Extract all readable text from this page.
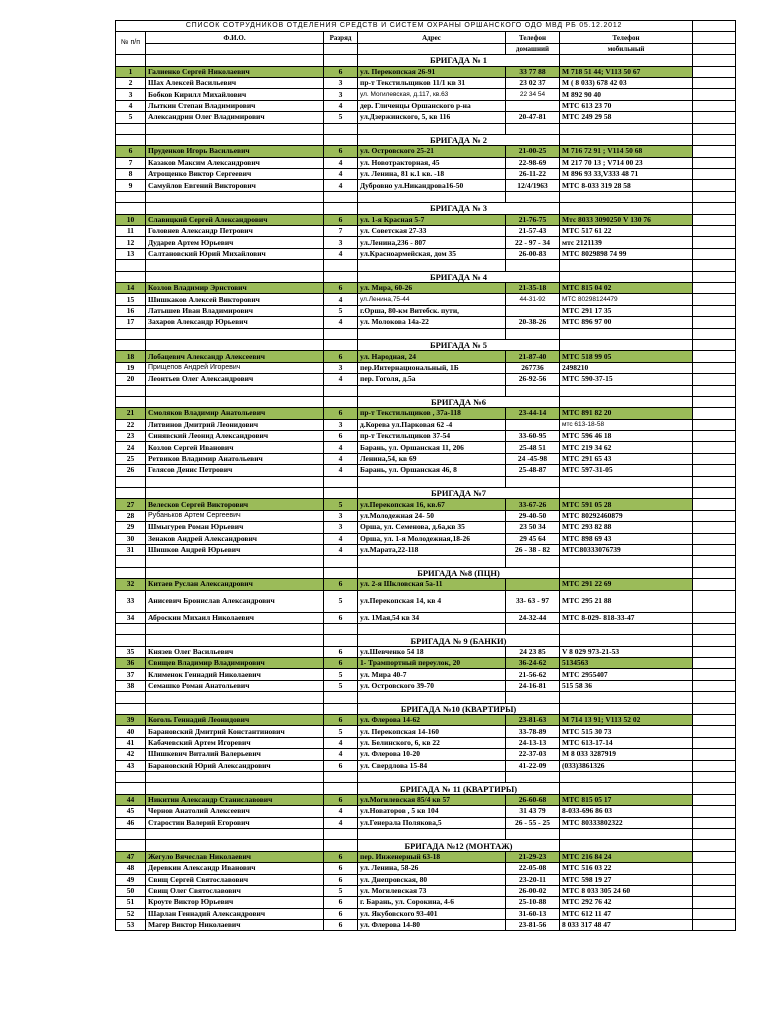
СПИСОК СОТРУДНИКОВ ОТДЕЛЕНИЯ СРЕДСТВ И СИСТЕМ ОХРАНЫ ОРШАНСКОГО ОДО МВД РБ 05.12.2012						
№ п/п	Ф.И.О.	Разряд	Адрес	Телефон	Телефон	
				домашний	мобильный	
			БРИГАДА № 1			
1	Галиенко Сергей Николаевич	6	ул. Перекопская 26-91	33 77 88	М 718 51 44; V113 50 67	
2	Шах Алексей Васильевич	3	пр-т Текстильщиков 11/1 кв 31	23 02 37	М ( 8 033) 678 42 03	
3	Бобков Кирилл Михайлович	3	ул. Могилевская, д.117, кв.63	22 34 54	М 892 90 40	
4	Лыткин Степан Владимирович	4	дер. Гличенцы Оршанского р-на		МТС 613 23 70	
5	Александрин Олег Владимирович	5	ул.Дзержинского, 5, кв 116	20-47-81	МТС 249 29 58	

			БРИГАДА № 2			
6	Пруденков Игорь Васильевич	6	ул. Островского 25-21	21-00-25	М 716 72 91 ; V114 50 68	
7	Казаков Максим Александрович	4	ул. Новотракторная, 45	22-98-69	М 217 70 13 ; V714 00 23	
8	Атрощенко Виктор Сергеевич	4	ул. Ленина, 81 к.1 кв. -18	26-11-22	М 896 93 33,V333 48 71	
9	Самуйлов Евгений Викторович	4	Дубровно ул.Никандрова16-50	12/4/1963	МТС 8-033 319 28 58	

			БРИГАДА № 3			
10	Славицкий Сергей Александрович	6	ул. 1-я Красная 5-7	21-76-75	Мтс 8033 3090250 V 130 76	
11	Головнев Александр Петрович	7	ул. Советская 27-33	21-57-43	МТС 517 61 22	
12	Дударев Артем Юрьевич	3	ул.Ленина,236 - 807	22 - 97 - 34	мтс 2121139	
13	Салтановский Юрий Михайлович	4	ул.Красноармейская, дом 35	26-00-83	МТС 8029898 74 99	

			БРИГАДА № 4			
14	Козлов Владимир Эрнстович	6	ул. Мира, 60-26	21-35-18	МТС 815 04 02	
15	Шишкаков Алексей Викторович	4	ул.Ленина,75-44	44-31-92	МТС 80298124479	
16	Латышев Иван Владимирович	5	г.Орша, 80-км Витебск. пути,		МТС 291 17 35	
17	Захаров Александр Юрьевич	4	ул. Молокова 14а-22	20-38-26	МТС 896 97 00	

			БРИГАДА № 5			
18	Лобацевич Александр Алексеевич	6	ул. Народная, 24	21-87-40	МТС 518 99 05	
19	Прищепов Андрей Игоревич	3	пер.Интернациональный, 1Б	267736	2498210	
20	Леонтьев Олег Александрович	4	пер. Гоголя, д.5а	26-92-56	МТС 590-37-15	

			БРИГАДА №6			
21	Смоляков Владимир Анатольевич	6	пр-т Текстильщиков , 37а-118	23-44-14	МТС 891 82 20	
22	Литвинов Дмитрий Леонидович	3	д.Корева ул.Парковая 62 -4		мтс 613-18-58	
23	Синявский Леонид Александрович	6	пр-т Текстильщиков 37-54	33-60-95	МТС 596 46 18	
24	Козлов Сергей Иванович	4	Барань, ул. Оршанская 11, 206	25-48 51	МТС 219 34 62	
25	Ретвиков Владимир Анатольевич	4	Ленина,54, кв 69	24 -45-98	МТС 291 65 43	
26	Гелясов Денис Петрович	4	Барань, ул. Оршанская 46, 8	25-48-87	МТС 597-31-05	

			БРИГАДА №7			
27	Велесков Сергей Викторович	5	ул.Перекопская 16, кв.67	33-67-26	МТС 591 05 28	
28	Рубаньков Артем Сергеевич	3	ул.Молодежная 24- 50	29-40-50	МТС 80292460879	
29	Шмыгурев Роман Юрьевич	3	Орша, ул. Семенова, д.6а,кв 35	23 50 34	МТС 293 82 88	
30	Зенаков Андрей Александрович	4	Орша, ул. 1-я Молодежная,18-26	29 45 64	МТС 898 69 43	
31	Шишков Андрей Юрьевич	4	ул.Марата,22-118	26 - 38 - 82	МТС80333076739	

			БРИГАДА №8 (ПЦН)			
32	Китаев Руслан Александрович	6	ул. 2-я Шкловская 5а-11		МТС 291 22 69	
33	Анисевич Бронислав Александрович	5	ул.Перекопская 14, кв 4	33- 63 - 97	МТС 295 21 88	
34	Аброскин Михаил Николаевич	6	ул. 1Мая,54 кв 34	24-32-44	МТС 8-029- 818-33-47	

			БРИГАДА № 9 (БАНКИ)			
35	Князев Олег Васильевич	6	ул.Шевченко 54 18	24 23 85	V 8 029 973-21-53	
36	Свищев Владимир Владимирович	6	1- Трампортный переулок, 20	36-24-62	5134563	
37	Клименок Геннадий Николаевич	5	ул. Мира 40-7	21-56-62	МТС 2955407	
38	Семашко Роман Анатольевич	5	ул. Островского 39-70	24-16-81	515 58 36	

			БРИГАДА №10 (КВАРТИРЫ)			
39	Коголь Геннадий Леонидович	6	ул. Флерова 14-62	23-81-63	М 714 13 91; V113 52 02	
40	Барановский Дмитрий Константинович	5	ул. Перекопская 14-160	33-78-89	МТС 515 30 73	
41	Кабачевский Артем Игоревич	4	ул. Белинского, 6, кв 22	24-13-13	МТС 613-17-14	
42	Шишкевич Виталий Валерьевич	4	ул. Флерова 10-20	22-37-03	М 8 033 3287919	
43	Барановский Юрий Александрович	6	ул. Свердлова 15-84	41-22-09	(033)3861326	

			БРИГАДА № 11 (КВАРТИРЫ)			
44	Никитин Александр Станиславович	6	ул.Могилевская 85/4 кв 57	26-60-68	МТС 815 05 17	
45	Чернов Анатолий Алексеевич	4	ул.Новаторов , 5 кв 104	31 43 79	8-033-696 86 03	
46	Старостин Валерий Егорович	4	ул.Генерала Полякова,5	26 - 55 - 25	МТС 80333802322	

			БРИГАДА №12 (МОНТАЖ)			
47	Жегуло Вячеслав Николаевич	6	пер. Инженерный 63-18	21-29-23	МТС 216 84 24	
48	Деревкин Александр Иванович	6	ул. Ленина, 58-26	22-05-08	МТС 516 03 22	
49	Свищ Сергей Святославович	6	ул. Днепровская, 80	23-20-11	МТС 598 19 27	
50	Свищ Олег Святославович	5	ул. Могилевская 73	26-00-02	МТС 8 033 305 24 60	
51	Кроуте Виктор Юрьевич	6	г. Барань, ул. Сорокина, 4-6	25-10-88	МТС 292 76 42	
52	Шарлан Геннадий Александрович	6	ул. Якубовского 93-401	31-60-13	МТС 612 11 47	
53	Магер Виктор Николаевич	6	ул. Флерова 14-80	23-81-56	8 033 317 48 47	
